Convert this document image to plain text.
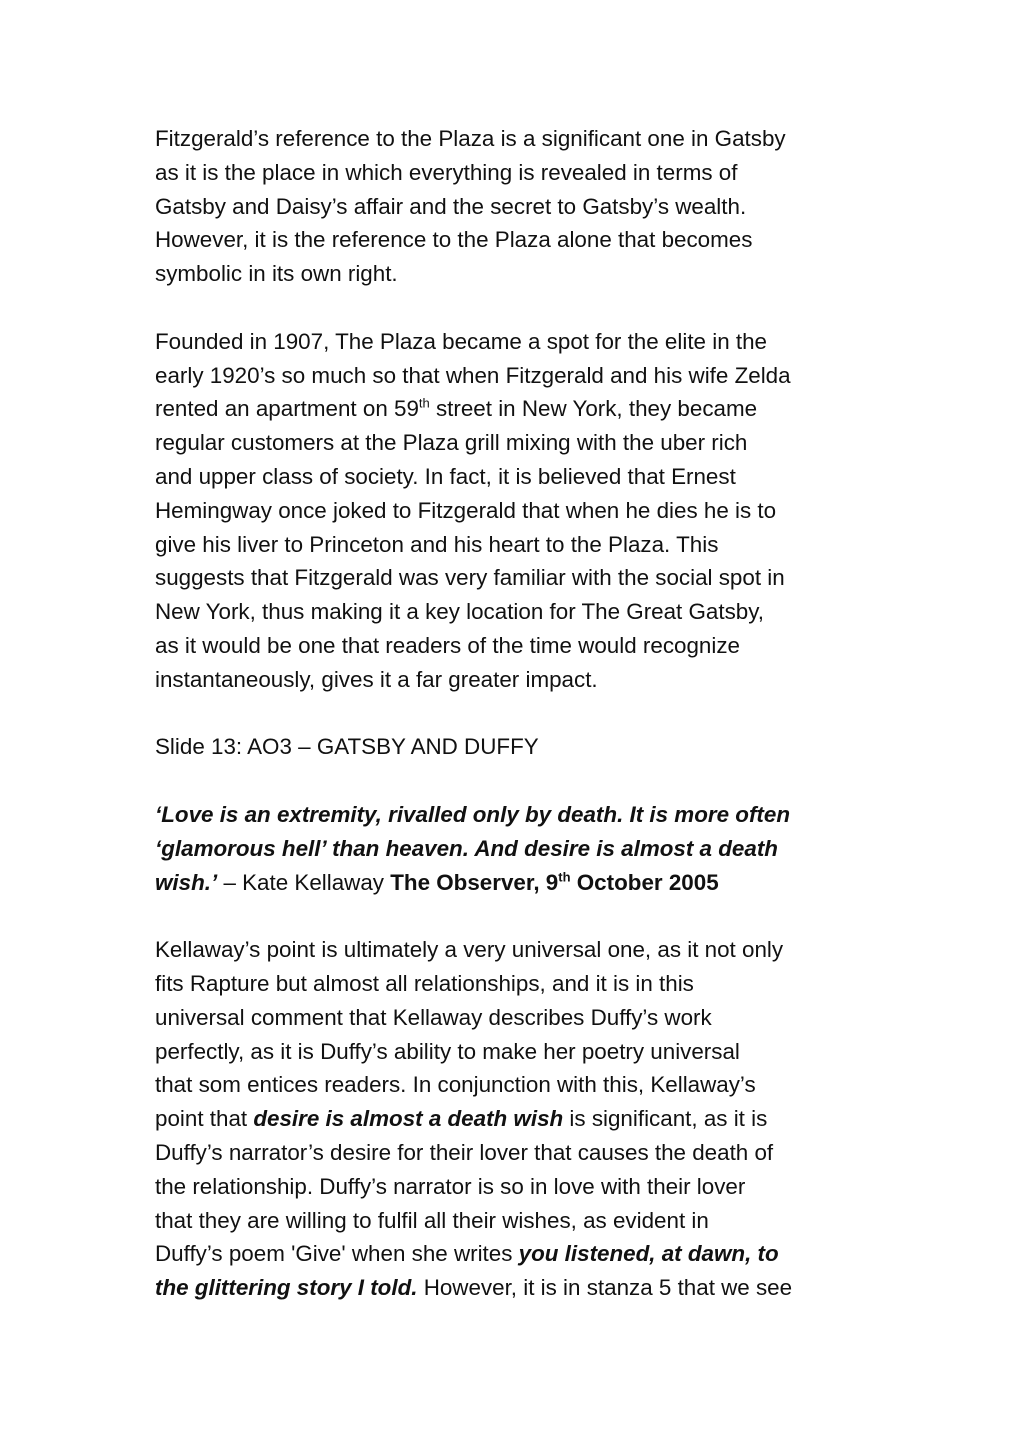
Fitzgerald’s reference to the Plaza is a significant one in Gatsby
as it is the place in which everything is revealed in terms of
Gatsby and Daisy’s affair and the secret to Gatsby’s wealth.
However, it is the reference to the Plaza alone that becomes
symbolic in its own right.
Founded in 1907, The Plaza became a spot for the elite in the
early 1920’s so much so that when Fitzgerald and his wife Zelda
rented an apartment on 59th street in New York, they became
regular customers at the Plaza grill mixing with the uber rich
and upper class of society. In fact, it is believed that Ernest
Hemingway once joked to Fitzgerald that when he dies he is to
give his liver to Princeton and his heart to the Plaza. This
suggests that Fitzgerald was very familiar with the social spot in
New York, thus making it a key location for The Great Gatsby,
as it would be one that readers of the time would recognize
instantaneously, gives it a far greater impact.
Slide 13: AO3 – GATSBY AND DUFFY
‘Love is an extremity, rivalled only by death. It is more often
‘glamorous hell’ than heaven. And desire is almost a death
wish.’ – Kate Kellaway The Observer, 9th October 2005
Kellaway’s point is ultimately a very universal one, as it not only
fits Rapture but almost all relationships, and it is in this
universal comment that Kellaway describes Duffy’s work
perfectly, as it is Duffy’s ability to make her poetry universal
that som entices readers. In conjunction with this, Kellaway’s
point that desire is almost a death wish is significant, as it is
Duffy’s narrator’s desire for their lover that causes the death of
the relationship. Duffy’s narrator is so in love with their lover
that they are willing to fulfil all their wishes, as evident in
Duffy’s poem 'Give' when she writes you listened, at dawn, to
the glittering story I told. However, it is in stanza 5 that we see
